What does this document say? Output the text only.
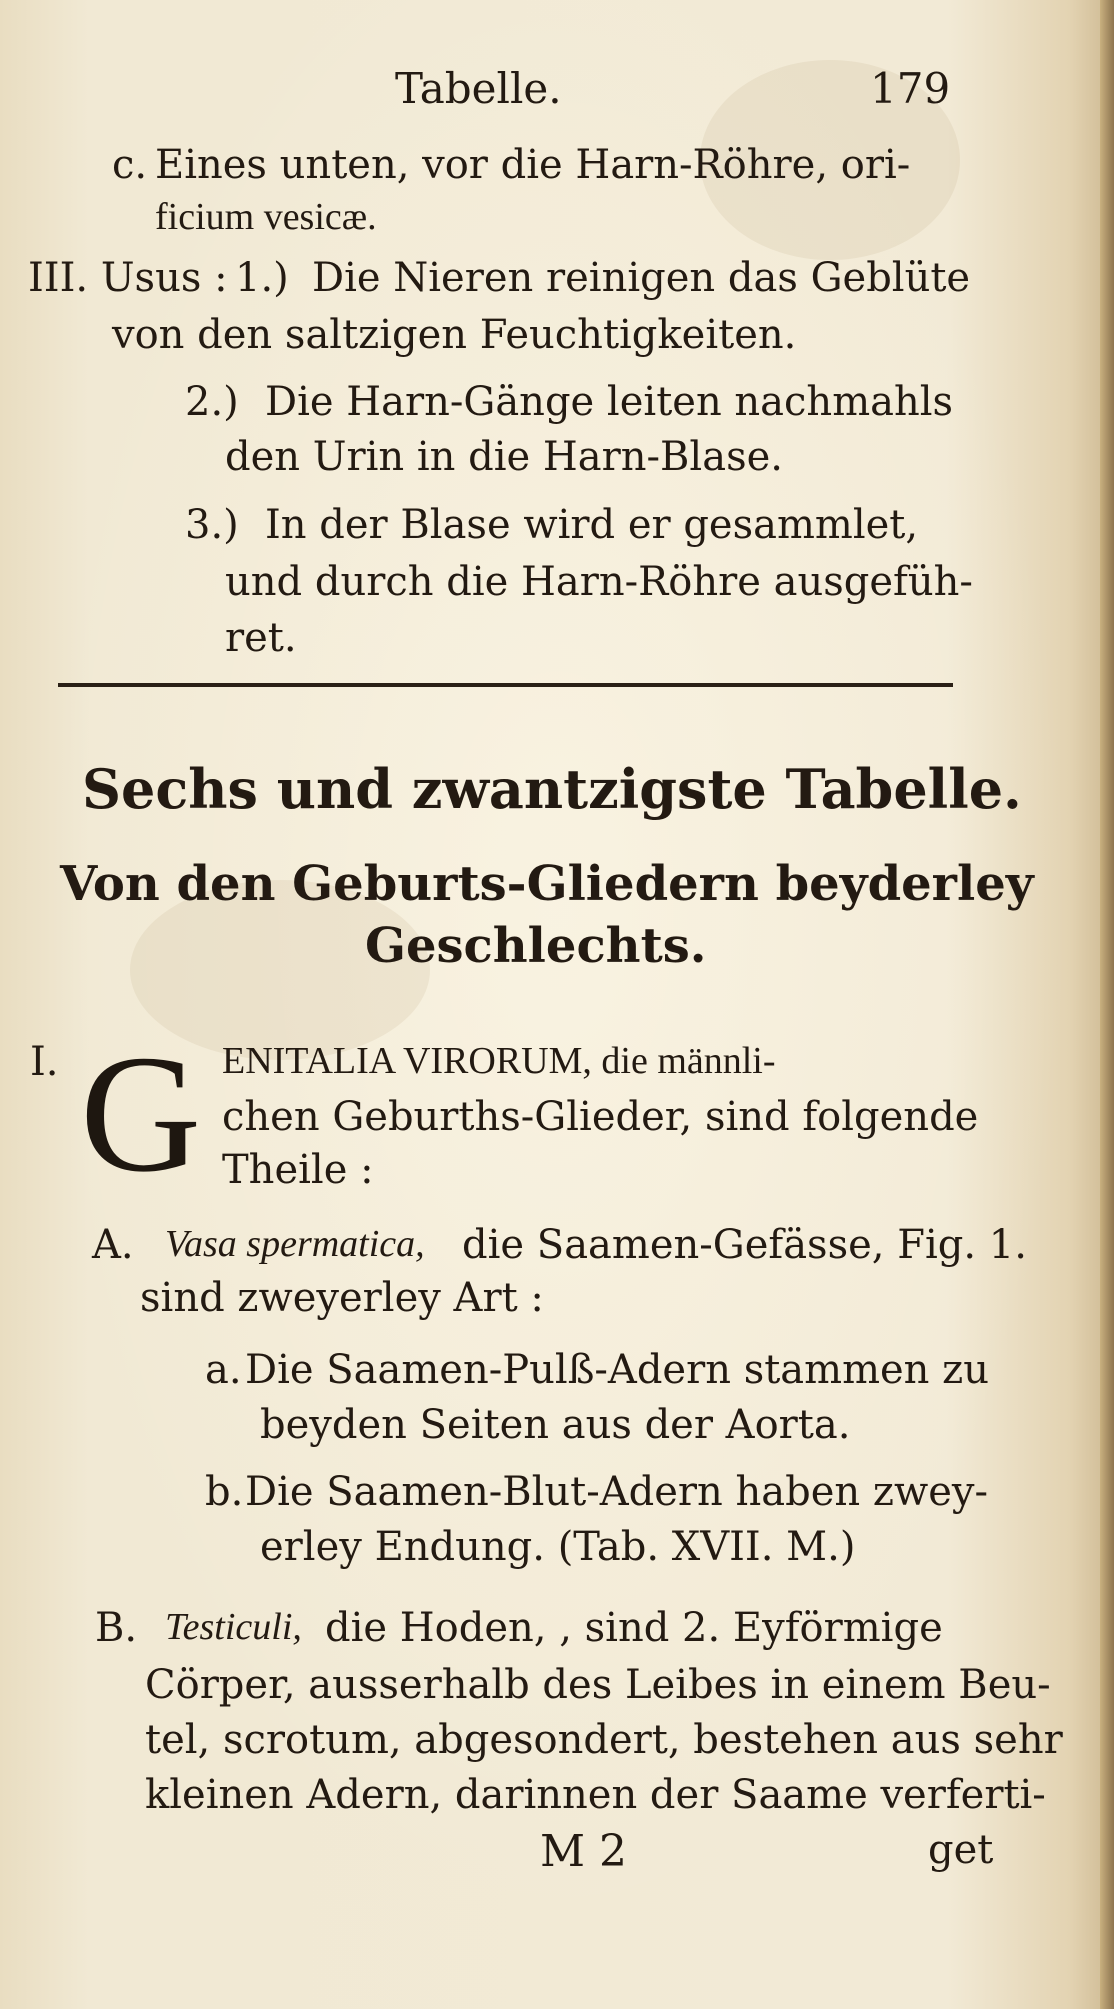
Tabelle.	179
c. Eines unten, vor die Harn-Röhre, ori-
ficium vesicæ.
III. Usus : 1.) Die Nieren reinigen das Geblüte
von den saltzigen Feuchtigkeiten.
2.) Die Harn-Gänge leiten nachmahls
den Urin in die Harn-Blase.
3.) In der Blase wird er gesammlet,
und durch die Harn-Röhre ausgefüh-
ret.
Sechs und zwantzigste Tabelle.
Von den Geburts-Gliedern beyderley
Geschlechts.
I. G ENITALIA VIRORUM, die männli-
chen Geburths-Glieder, sind folgende
Theile :
A. Vasa spermatica, die Saamen-Gefässe, Fig. 1.
sind zweyerley Art :
a. Die Saamen-Pulß-Adern stammen zu
beyden Seiten aus der Aorta.
b. Die Saamen-Blut-Adern haben zwey-
erley Endung. (Tab. XVII. M.)
B. Testiculi, die Hoden, , sind 2. Eyförmige
Cörper, ausserhalb des Leibes in einem Beu-
tel, scrotum, abgesondert, bestehen aus sehr
kleinen Adern, darinnen der Saame verferti-
M 2	get
